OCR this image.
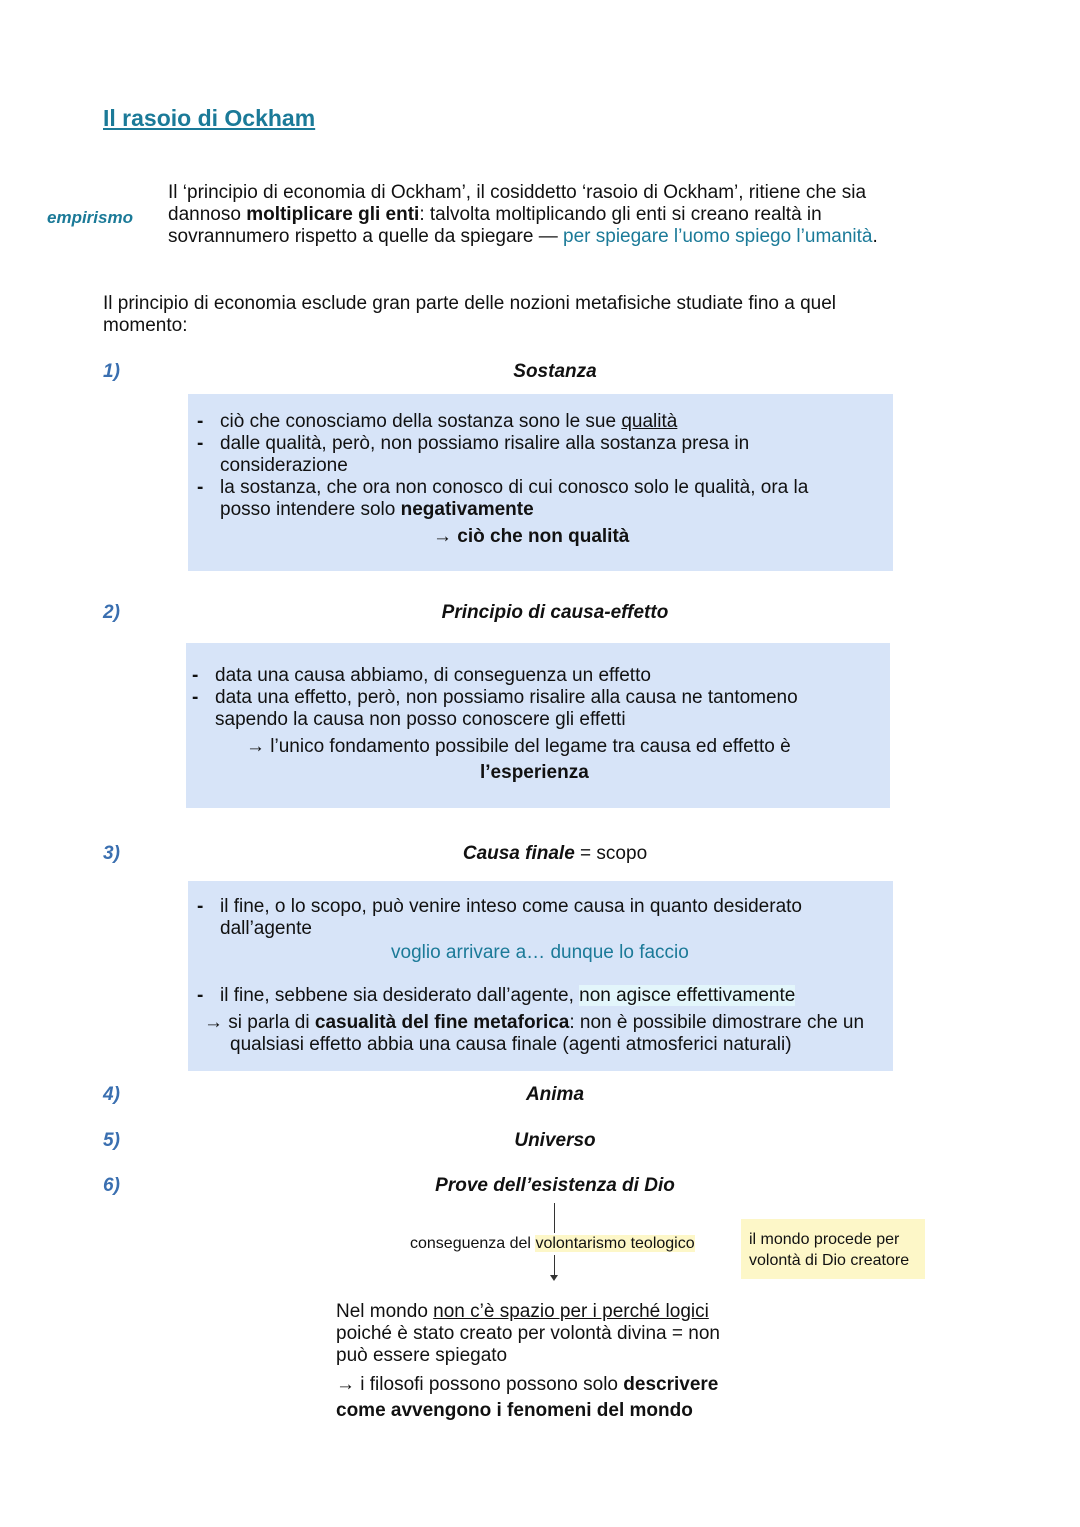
Il rasoio di Ockham
empirismo
Il ‘principio di economia di Ockham’, il cosiddetto ‘rasoio di Ockham’, ritiene che sia dannoso moltiplicare gli enti: talvolta moltiplicando gli enti si creano realtà in sovrannumero rispetto a quelle da spiegare — per spiegare l’uomo spiego l’umanità.
Il principio di economia esclude gran parte delle nozioni metafisiche studiate fino a quel momento:
1)	Sostanza
- ciò che conosciamo della sostanza sono le sue qualità
- dalle qualità, però, non possiamo risalire alla sostanza presa in considerazione
- la sostanza, che ora non conosco di cui conosco solo le qualità, ora la posso intendere solo negativamente
→ ciò che non qualità
2)	Principio di causa-effetto
- data una causa abbiamo, di conseguenza un effetto
- data una effetto, però, non possiamo risalire alla causa ne tantomeno sapendo la causa non posso conoscere gli effetti
→ l’unico fondamento possibile del legame tra causa ed effetto è
l’esperienza
3)	Causa finale = scopo
- il fine, o lo scopo, può venire inteso come causa in quanto desiderato dall’agente
voglio arrivare a… dunque lo faccio
- il fine, sebbene sia desiderato dall’agente, non agisce effettivamente
→ si parla di casualità del fine metaforica: non è possibile dimostrare che un qualsiasi effetto abbia una causa finale (agenti atmosferici naturali)
4)	Anima
5)	Universo
6)	Prove dell’esistenza di Dio
conseguenza del volontarismo teologico	il mondo procede per volontà di Dio creatore
Nel mondo non c’è spazio per i perché logici poiché è stato creato per volontà divina = non può essere spiegato
→ i filosofi possono possono solo descrivere come avvengono i fenomeni del mondo
